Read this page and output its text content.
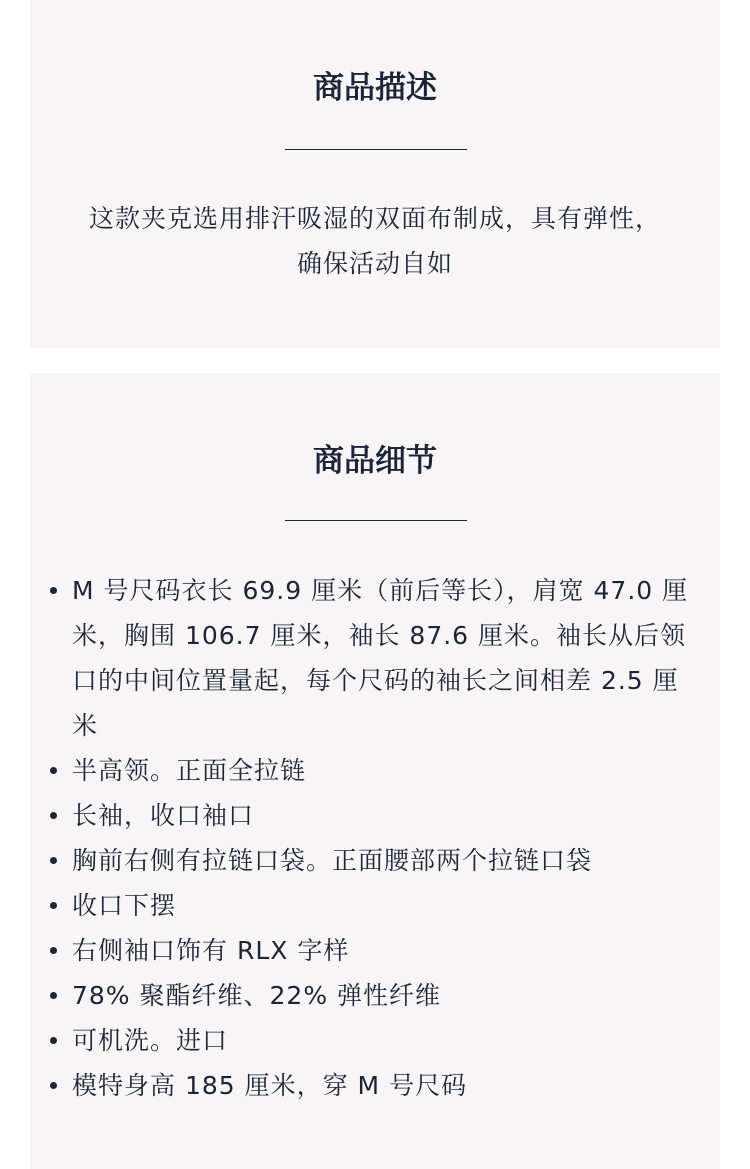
商品描述

这款夹克选用排汗吸湿的双面布制成，具有弹性，确保活动自如

商品细节
M 号尺码衣长 69.9 厘米（前后等长），肩宽 47.0 厘米，胸围 106.7 厘米，袖长 87.6 厘米。袖长从后领口的中间位置量起，每个尺码的袖长之间相差 2.5 厘米
半高领。正面全拉链
长袖，收口袖口
胸前右侧有拉链口袋。正面腰部两个拉链口袋
收口下摆
右侧袖口饰有 RLX 字样
78% 聚酯纤维、22% 弹性纤维
可机洗。进口
模特身高 185 厘米，穿 M 号尺码
